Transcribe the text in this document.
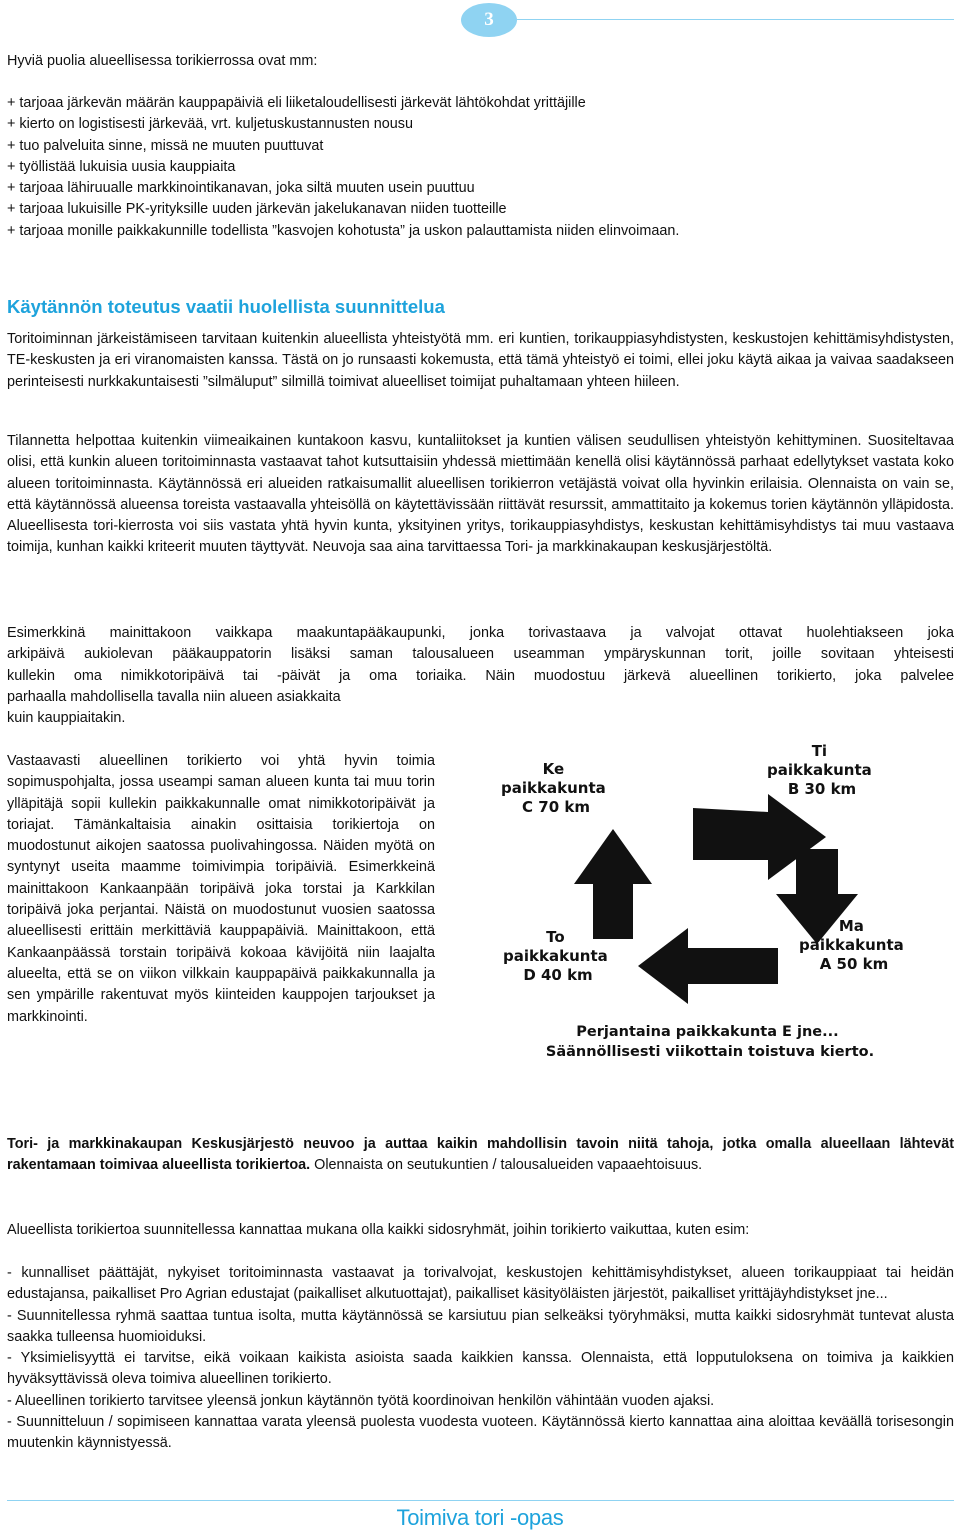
3
Hyviä puolia alueellisessa torikierrossa ovat mm:
+ tarjoaa järkevän määrän kauppapäiviä eli liiketaloudellisesti järkevät lähtökohdat yrittäjille
+ kierto on logistisesti järkevää, vrt. kuljetuskustannusten nousu
+ tuo palveluita sinne, missä ne muuten puuttuvat
+ työllistää lukuisia uusia kauppiaita
+ tarjoaa lähiruualle markkinointikanavan, joka siltä muuten usein puuttuu
+ tarjoaa lukuisille PK-yrityksille uuden järkevän jakelukanavan niiden tuotteille
+ tarjoaa monille paikkakunnille todellista ”kasvojen kohotusta” ja uskon palauttamista niiden elinvoimaan.
Käytännön toteutus vaatii huolellista suunnittelua

Toritoiminnan järkeistämiseen tarvitaan kuitenkin alueellista yhteistyötä mm. eri kuntien, torikauppiasyhdistysten, keskustojen kehittämisyhdistysten, TE-keskusten ja eri viranomaisten kanssa. Tästä on jo runsaasti kokemusta, että tämä yhteistyö ei toimi, ellei joku käytä aikaa ja vaivaa saadakseen perinteisesti nurkkakuntaisesti ”silmäluput” silmillä toimivat alueelliset toimijat puhaltamaan yhteen hiileen.

Tilannetta helpottaa kuitenkin viimeaikainen kuntakoon kasvu, kuntaliitokset ja kuntien välisen seudullisen yhteistyön kehittyminen. Suositeltavaa olisi, että kunkin alueen toritoiminnasta vastaavat tahot kutsuttaisiin yhdessä miettimään kenellä olisi käytännössä parhaat edellytykset vastata koko alueen toritoiminnasta. Käytännössä eri alueiden ratkaisumallit alueellisen torikierron vetäjästä voivat olla hyvinkin erilaisia. Olennaista on vain se, että käytännössä alueensa toreista vastaavalla yhteisöllä on käytettävissään riittävät resurssit, ammattitaito ja kokemus torien käytännön ylläpidosta. Alueellisesta tori-kierrosta voi siis vastata yhtä hyvin kunta, yksityinen yritys, torikauppiasyhdistys, keskustan kehittämisyhdistys tai muu vastaava toimija, kunhan kaikki kriteerit muuten täyttyvät. Neuvoja saa aina tarvittaessa Tori- ja markkinakaupan keskusjärjestöltä.

Esimerkkinä mainittakoon vaikkapa maakuntapääkaupunki, jonka torivastaava ja valvojat ottavat huolehtiakseen joka
arkipäivä aukiolevan pääkauppatorin lisäksi saman talousalueen useamman ympäryskunnan torit, joille sovitaan yhteisesti
kullekin oma nimikkotoripäivä tai -päivät ja oma toriaika. Näin muodostuu järkevä alueellinen torikierto, joka palvelee
parhaalla mahdollisella tavalla niin alueen asiakkaita
kuin kauppiaitakin.

Vastaavasti alueellinen torikierto voi yhtä hyvin toimia sopimuspohjalta, jossa useampi saman alueen kunta tai muu torin ylläpitäjä sopii kullekin paikkakunnalle omat nimikkotoripäivät ja toriajat. Tämänkaltaisia ainakin osittaisia torikiertoja on muodostunut aikojen saatossa puolivahingossa. Näiden myötä on syntynyt useita maamme toimivimpia toripäiviä. Esimerkkeinä mainittakoon Kankaanpään toripäivä joka torstai ja Karkkilan toripäivä joka perjantai. Näistä on muodostunut vuosien saatossa alueellisesti erittäin merkittäviä kauppapäiviä. Mainittakoon, että Kankaanpäässä torstain toripäivä kokoaa kävijöitä niin laajalta alueelta, että se on viikon vilkkain kauppapäivä paikkakunnalla ja sen ympärille rakentuvat myös kiinteiden kauppojen tarjoukset ja markkinointi.

Ke paikkakunta C 70 km
Ti paikkakunta B 30 km
Ma paikkakunta A 50 km
To paikkakunta D 40 km
Perjantaina paikkakunta E jne... Säännöllisesti viikottain toistuva kierto.

Tori- ja markkinakaupan Keskusjärjestö neuvoo ja auttaa kaikin mahdollisin tavoin niitä tahoja, jotka omalla alueellaan lähtevät rakentamaan toimivaa alueellista torikiertoa. Olennaista on seutukuntien / talousalueiden vapaaehtoisuus.

Alueellista torikiertoa suunnitellessa kannattaa mukana olla kaikki sidosryhmät, joihin torikierto vaikuttaa, kuten esim:

- kunnalliset päättäjät, nykyiset toritoiminnasta vastaavat ja torivalvojat, keskustojen kehittämisyhdistykset, alueen torikauppiaat tai heidän edustajansa, paikalliset Pro Agrian edustajat (paikalliset alkutuottajat), paikalliset käsityöläisten järjestöt, paikalliset yrittäjäyhdistykset jne...
- Suunnitellessa ryhmä saattaa tuntua isolta, mutta käytännössä se karsiutuu pian selkeäksi työryhmäksi, mutta kaikki sidosryhmät tuntevat alusta saakka tulleensa huomioiduksi.
- Yksimielisyyttä ei tarvitse, eikä voikaan kaikista asioista saada kaikkien kanssa. Olennaista, että lopputuloksena on toimiva ja kaikkien hyväksyttävissä oleva toimiva alueellinen torikierto.
- Alueellinen torikierto tarvitsee yleensä jonkun käytännön työtä koordinoivan henkilön vähintään vuoden ajaksi.
- Suunnitteluun / sopimiseen kannattaa varata yleensä puolesta vuodesta vuoteen. Käytännössä kierto kannattaa aina aloittaa keväällä torisesongin muutenkin käynnistyessä.
Toimiva tori -opas
